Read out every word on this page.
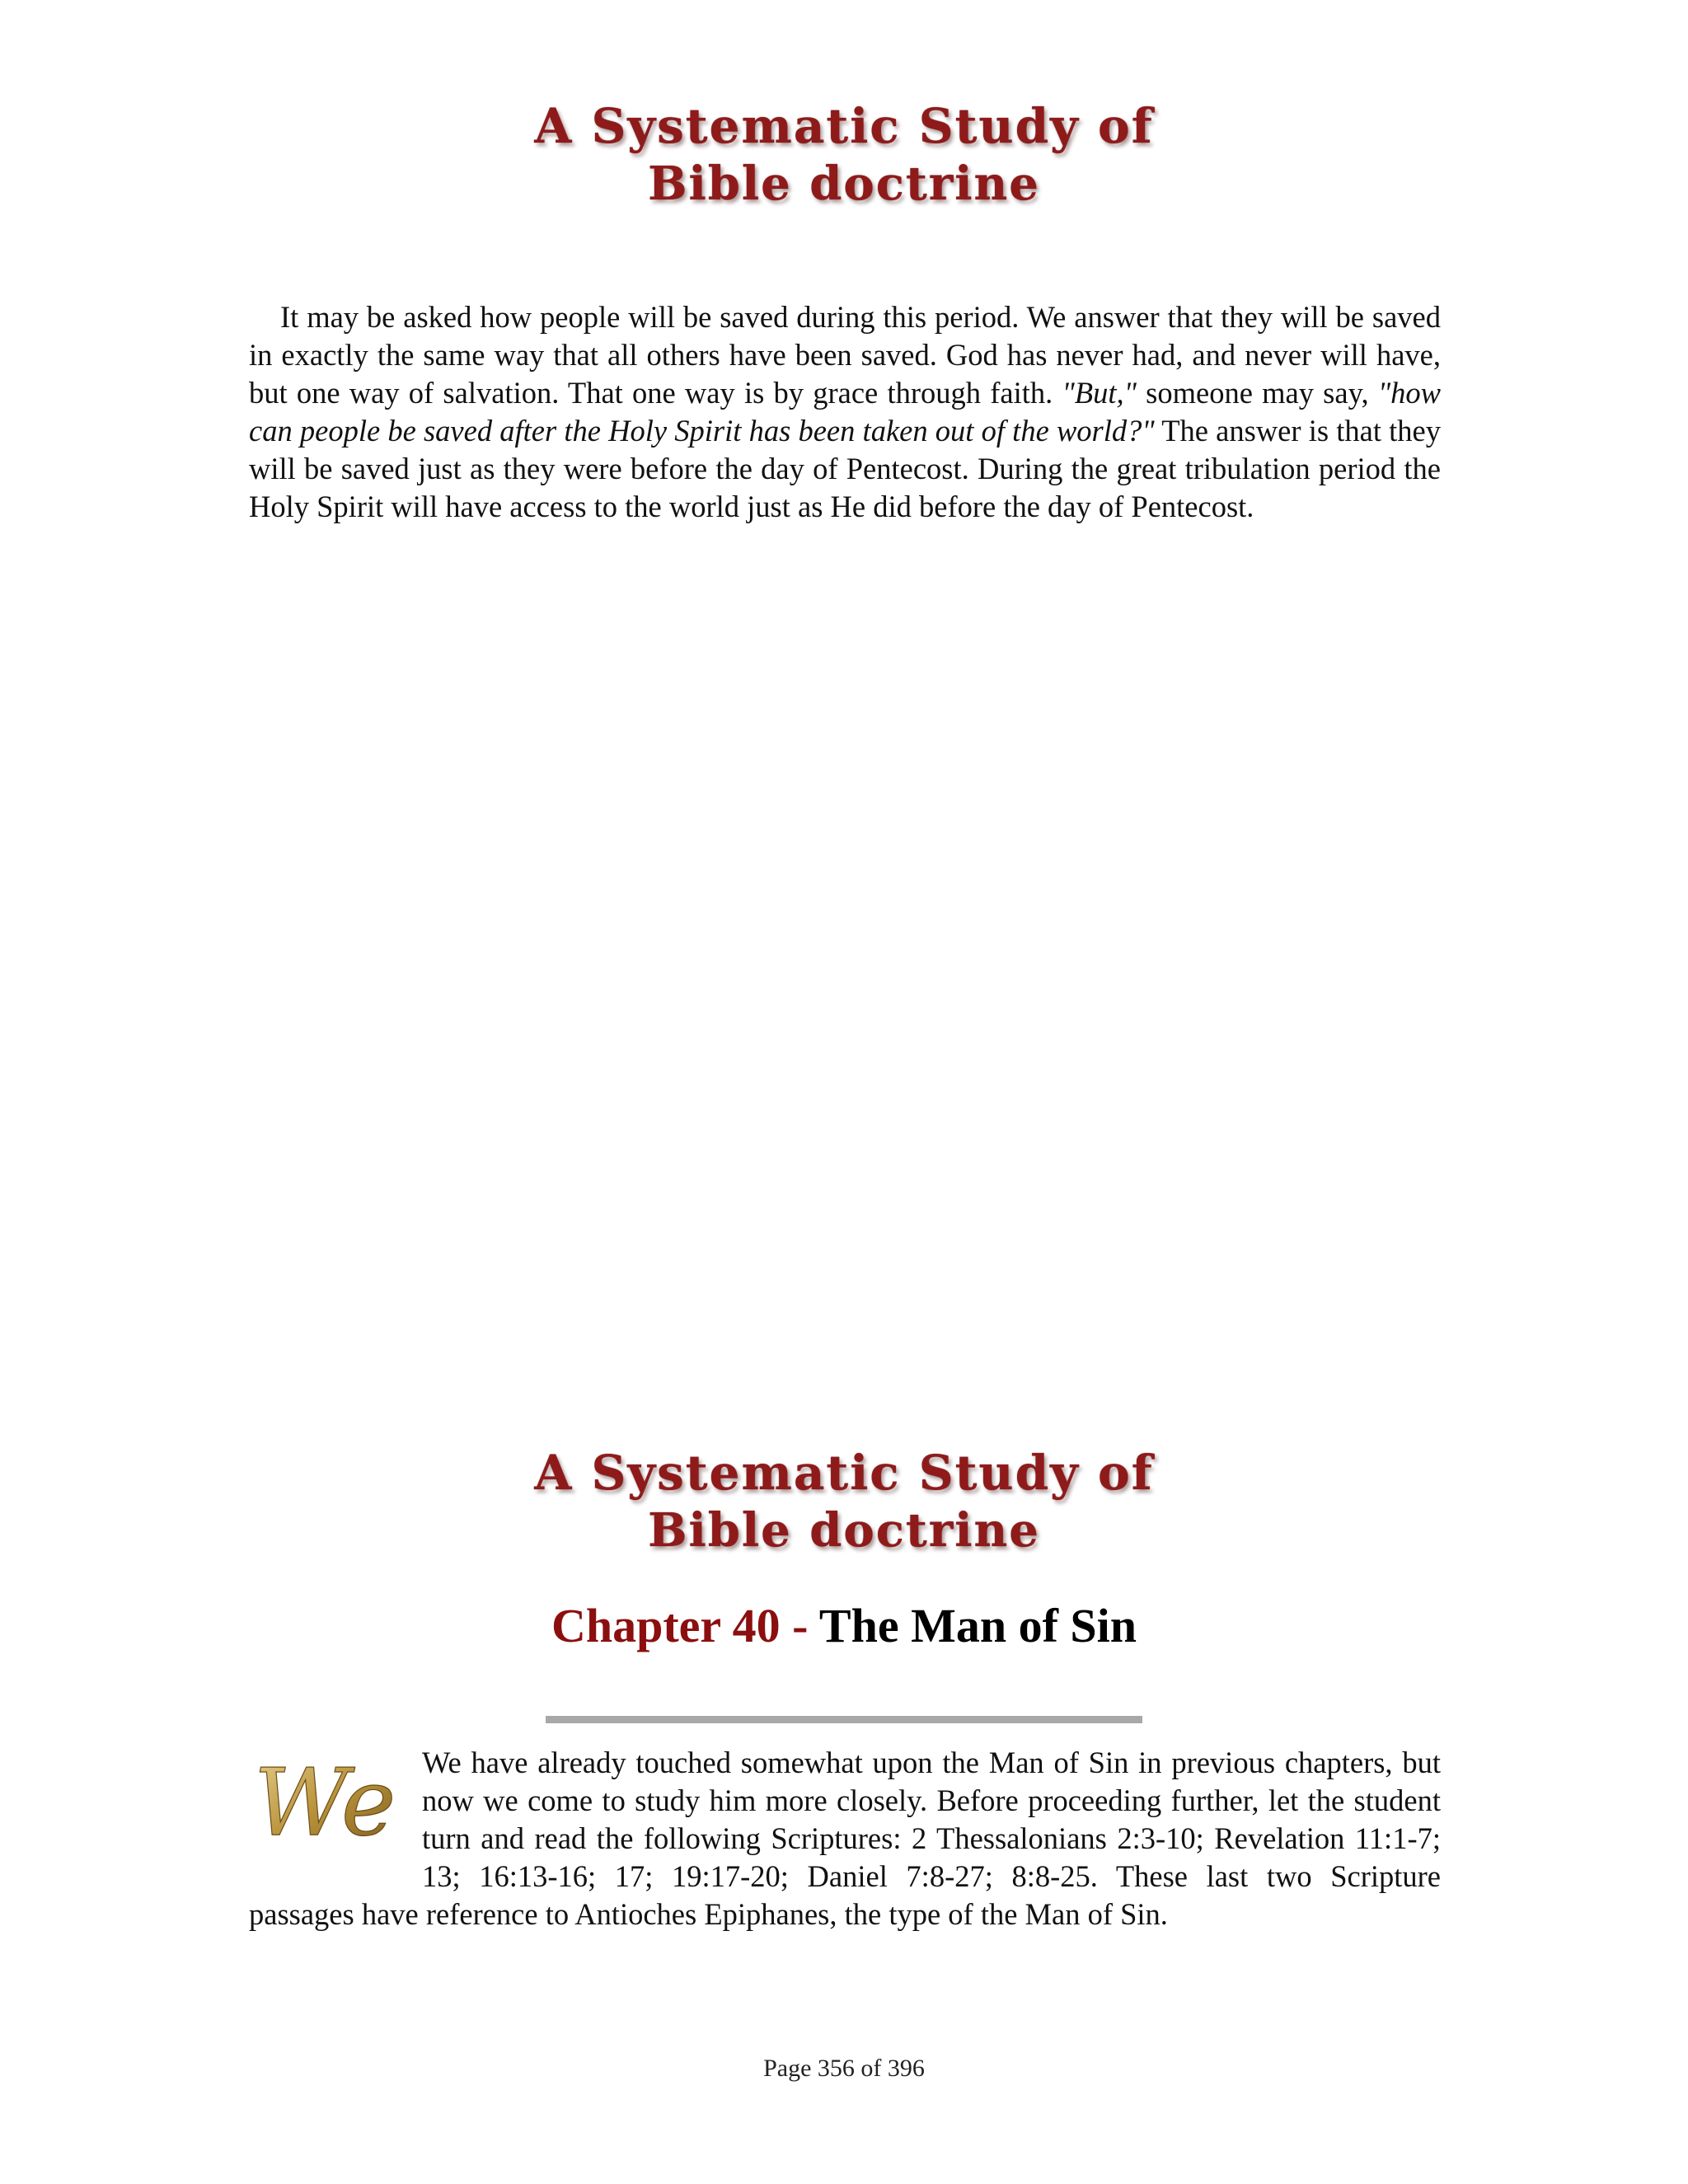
A Systematic Study of
Bible doctrine

It may be asked how people will be saved during this period. We answer that they will be saved in exactly the same way that all others have been saved. God has never had, and never will have, but one way of salvation. That one way is by grace through faith. "But," someone may say, "how can people be saved after the Holy Spirit has been taken out of the world?" The answer is that they will be saved just as they were before the day of Pentecost. During the great tribulation period the Holy Spirit will have access to the world just as He did before the day of Pentecost.

A Systematic Study of
Bible doctrine
Chapter 40 - The Man of Sin
We We have already touched somewhat upon the Man of Sin in previous chapters, but now we come to study him more closely. Before proceeding further, let the student turn and read the following Scriptures: 2 Thessalonians 2:3-10; Revelation 11:1-7; 13; 16:13-16; 17; 19:17-20; Daniel 7:8-27; 8:8-25. These last two Scripture passages have reference to Antioches Epiphanes, the type of the Man of Sin.

Page 356 of 396
